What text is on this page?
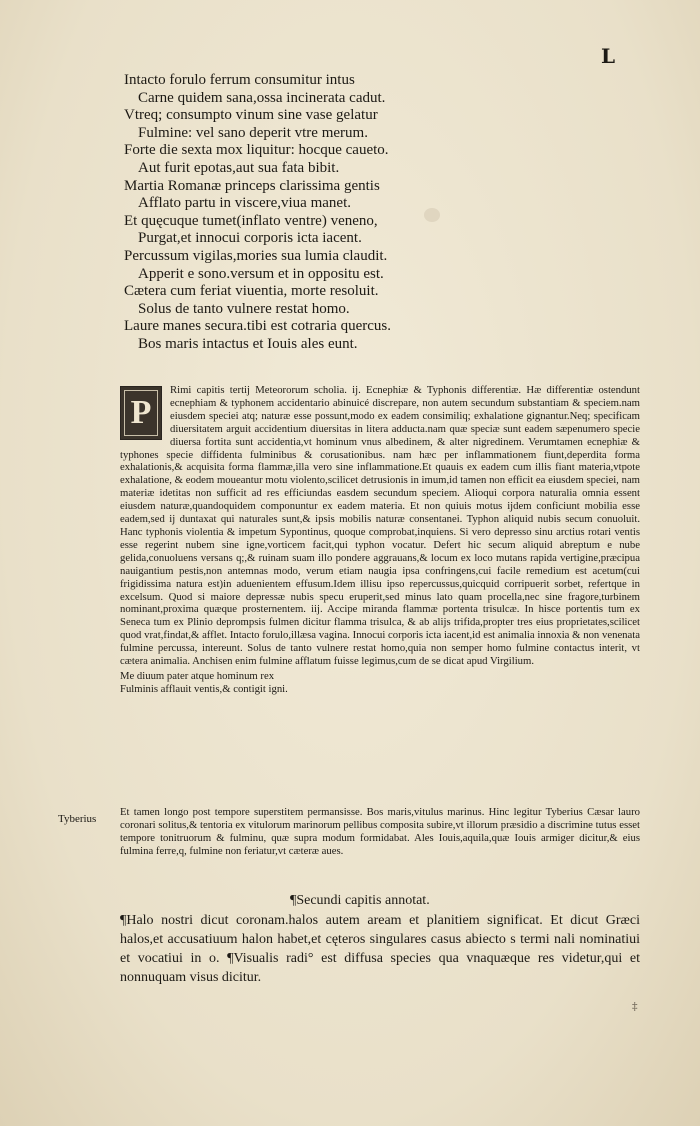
L
Intacto forulo ferrum consumitur intus
Carne quidem sana,ossa incinerata cadut.
Vtreq; consumpto vinum sine vase gelatur
Fulmine: vel sano deperit vtre merum.
Forte die sexta mox liquitur: hocque caueto.
Aut furit epotas,aut sua fata bibit.
Martia Romanæ princeps clarissima gentis
Afflato partu in viscere,viua manet.
Et quęcuque tumet(inflato ventre) veneno,
Purgat,et innocui corporis icta iacent.
Percussum vigilas,mories sua lumia claudit.
Apperit e sono.versum et in oppositu est.
Cætera cum feriat viuentia, morte resoluit.
Solus de tanto vulnere restat homo.
Laure manes secura.tibi est cotraria quercus.
Bos maris intactus et Iouis ales eunt.
P

Rimi capitis tertij Meteororum scholia. ij. Ecnephiæ & Typhonis differentiæ. Hæ differentiæ ostendunt ecnephiam & typhonem accidentario abinuicé discrepare, non autem secundum substantiam & speciem.nam eiusdem speciei atq; naturæ esse possunt,modo ex eadem consimiliq; exhalatione gignantur.Neq; specificam diuersitatem arguit accidentium diuersitas in litera adducta.nam quæ speciæ sunt eadem sæpenumero specie diuersa fortita sunt accidentia,vt hominum vnus albedinem, & alter nigredinem. Verumtamen ecnephiæ & typhones specie diffidenta fulminibus & corusationibus. nam hæc per inflammationem fiunt,deperdita forma exhalationis,& acquisita forma flammæ,illa vero sine inflammatione.Et quauis ex eadem cum illis fiant materia,vtpote exhalatione, & eodem moueantur motu violento,scilicet detrusionis in imum,id tamen non efficit ea eiusdem speciei, nam materiæ idetitas non sufficit ad res efficiundas easdem secundum speciem. Alioqui corpora naturalia omnia essent eiusdem naturæ,quandoquidem componuntur ex eadem materia. Et non quiuis motus ijdem conficiunt mobilia esse eadem,sed ij duntaxat qui naturales sunt,& ipsis mobilis naturæ consentanei. Typhon aliquid nubis secum conuoluit. Hanc typhonis violentia & impetum Sypontinus, quoque comprobat,inquiens. Si vero depresso sinu arctius rotari ventis esse regerint nubem sine igne,vorticem facit,qui typhon vocatur. Defert hic secum aliquid abreptum e nube gelida,conuoluens versans q;,& ruinam suam illo pondere aggrauans,& locum ex loco mutans rapida vertigine,præcipua nauigantium pestis,non antemnas modo, verum etiam naugia ipsa confringens,cui facile remedium est acetum(cui frigidissima natura est)in aduenientem effusum.Idem illisu ipso repercussus,quicquid corripuerit sorbet, refertque in excelsum. Quod si maiore depressæ nubis specu eruperit,sed minus lato quam procella,nec sine fragore,turbinem nominant,proxima quæque prosternentem. iij. Accipe miranda flammæ portenta trisulcæ. In hisce portentis tum ex Seneca tum ex Plinio deprompsis fulmen dicitur flamma trisulca, & ab alijs trifida,propter tres eius proprietates,scilicet quod vrat,findat,& afflet. Intacto forulo,illæsa vagina. Innocui corporis icta iacent,id est animalia innoxia & non venenata fulmine percussa, intereunt. Solus de tanto vulnere restat homo,quia non semper homo fulmine contactus interit, vt cætera animalia. Anchisen enim fulmine afflatum fuisse legimus,cum de se dicat apud Virgilium.

Me diuum pater atque hominum rex
Fulminis afflauit ventis,& contigit igni.
Tyberius
Et tamen longo post tempore superstitem permansisse. Bos maris,vitulus marinus. Hinc legitur Tyberius Cæsar lauro coronari solitus,& tentoria ex vitulorum marinorum pellibus composita subire,vt illorum præsidio a discrimine tutus esset tempore tonitruorum & fulminu, quæ supra modum formidabat. Ales Iouis,aquila,quæ Iouis armiger dicitur,& eius fulmina ferre,q, fulmine non feriatur,vt cæteræ aues.
¶Secundi capitis annotat.
¶Halo nostri dicut coronam.halos autem aream et planitiem significat. Et dicut Græci halos,et accusatiuum halon habet,et cęteros singulares casus abiecto s termi nali nominatiui et vocatiui in o. ¶Visualis radi° est diffusa species qua vnaquæque res videtur,qui et nonnuquam visus dicitur.
‡
